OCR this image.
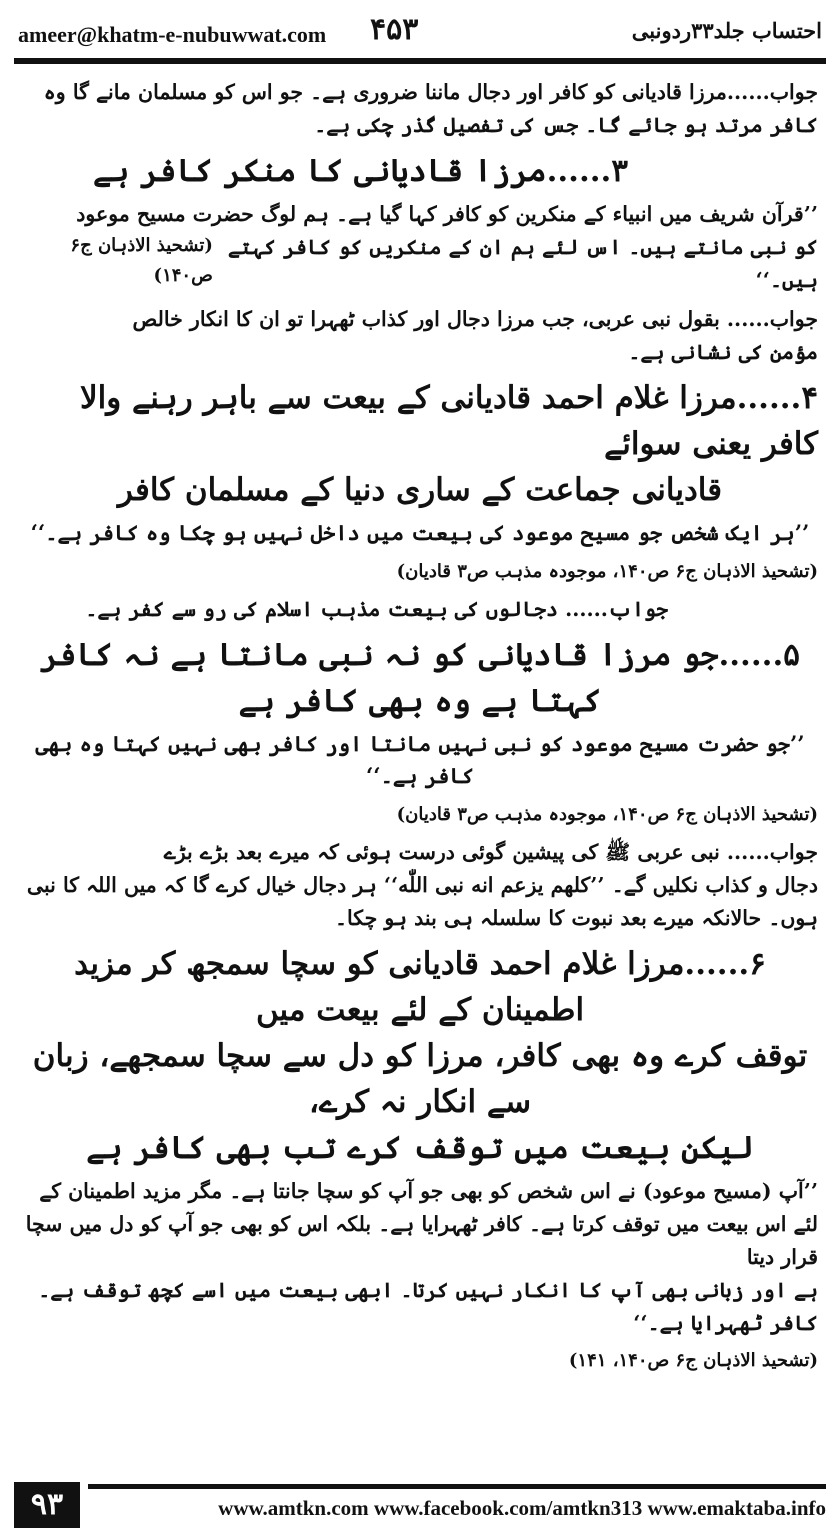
ameer@khatm-e-nubuwwat.com ۴۵۳	احتساب جلد۳۳ردونبی
جواب......مرزا قادیانی کو کافر اور دجال ماننا ضروری ہے۔ جو اس کو مسلمان مانے گا وہ
کافر مرتد ہو جائے گا۔ جس کی تفصیل گذر چکی ہے۔
۳......مرزا قادیانی کا منکر کافر ہے
’’قرآن شریف میں انبیاء کے منکرین کو کافر کہا گیا ہے۔ ہم لوگ حضرت مسیح موعود
کو نبی مانتے ہیں۔ اس لئے ہم ان کے منکریں کو کافر کہتے ہیں۔‘‘
(تشحیذ الاذہان ج۶ ص۱۴۰)
جواب...... بقول نبی عربی، جب مرزا دجال اور کذاب ٹھہرا تو ان کا انکار خالص
مؤمن کی نشانی ہے۔
۴......مرزا غلام احمد قادیانی کے بیعت سے باہر رہنے والا کافر یعنی سوائے
قادیانی جماعت کے ساری دنیا کے مسلمان کافر
’’ہر ایک شخص جو مسیح موعود کی بیعت میں داخل نہیں ہو چکا وہ کافر ہے۔‘‘
(تشحیذ الاذہان ج۶ ص۱۴۰، موجودہ مذہب ص۳ قادیان)
جواب...... دجالوں کی بیعت مذہب اسلام کی رو سے کفر ہے۔
۵......جو مرزا قادیانی کو نہ نبی مانتا ہے نہ کافر کہتا ہے وہ بھی کافر ہے
’’جو حضرت مسیح موعود کو نبی نہیں مانتا اور کافر بھی نہیں کہتا وہ بھی کافر ہے۔‘‘
(تشحیذ الاذہان ج۶ ص۱۴۰، موجودہ مذہب ص۳ قادیان)
جواب...... نبی عربی ﷺ کی پیشین گوئی درست ہوئی کہ میرے بعد بڑے بڑے
دجال و کذاب نکلیں گے۔ ’’کلهم یزعم انه نبی اللّٰه‘‘ ہر دجال خیال کرے گا کہ میں اللہ کا نبی
ہوں۔ حالانکہ میرے بعد نبوت کا سلسلہ ہی بند ہو چکا۔
۶......مرزا غلام احمد قادیانی کو سچا سمجھ کر مزید اطمینان کے لئے بیعت میں
توقف کرے وہ بھی کافر، مرزا کو دل سے سچا سمجھے، زبان سے انکار نہ کرے،
لیکن بیعت میں توقف کرے تب بھی کافر ہے
’’آپ (مسیح موعود) نے اس شخص کو بھی جو آپ کو سچا جانتا ہے۔ مگر مزید اطمینان کے
لئے اس بیعت میں توقف کرتا ہے۔ کافر ٹھہرایا ہے۔ بلکہ اس کو بھی جو آپ کو دل میں سچا قرار دیتا
ہے اور زبانی بھی آپ کا انکار نہیں کرتا۔ ابھی بیعت میں اسے کچھ توقف ہے۔ کافر ٹھہرایا ہے۔‘‘
(تشحیذ الاذہان ج۶ ص۱۴۰، ۱۴۱)
۹۳	www.amtkn.com www.facebook.com/amtkn313 www.emaktaba.info
